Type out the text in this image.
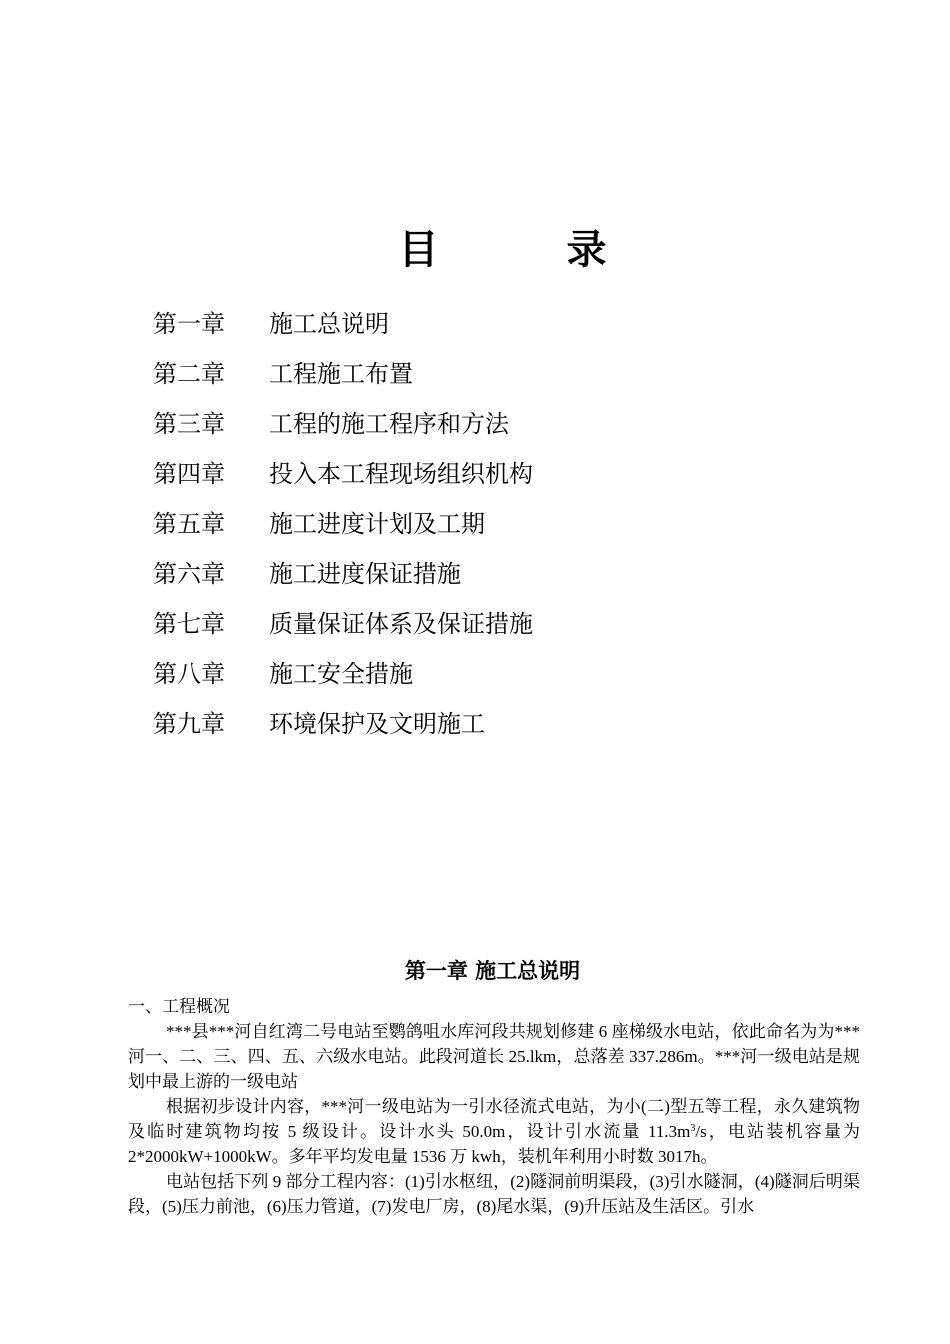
目	录
第一章 施工总说明
第二章 工程施工布置
第三章 工程的施工程序和方法
第四章 投入本工程现场组织机构
第五章 施工进度计划及工期
第六章 施工进度保证措施
第七章 质量保证体系及保证措施
第八章 施工安全措施
第九章 环境保护及文明施工
第一章 施工总说明
一、工程概况

***县***河自红湾二号电站至鹦鸽咀水库河段共规划修建 6 座梯级水电站，依此命名为为***河一、二、三、四、五、六级水电站。此段河道长 25.lkm，总落差 337.286m。***河一级电站是规划中最上游的一级电站

根据初步设计内容，***河一级电站为一引水径流式电站，为小(二)型五等工程，永久建筑物及临时建筑物均按 5 级设计。设计水头 50.0m，设计引水流量 $11.3m^3/s$，电站装机容量为 2*2000kW+1000kW。多年平均发电量 1536 万 kwh，装机年利用小时数 3017h。

电站包括下列 9 部分工程内容：(1)引水枢纽，(2)隧洞前明渠段，(3)引水隧洞，(4)隧洞后明渠段，(5)压力前池，(6)压力管道，(7)发电厂房，(8)尾水渠，(9)升压站及生活区。引水
